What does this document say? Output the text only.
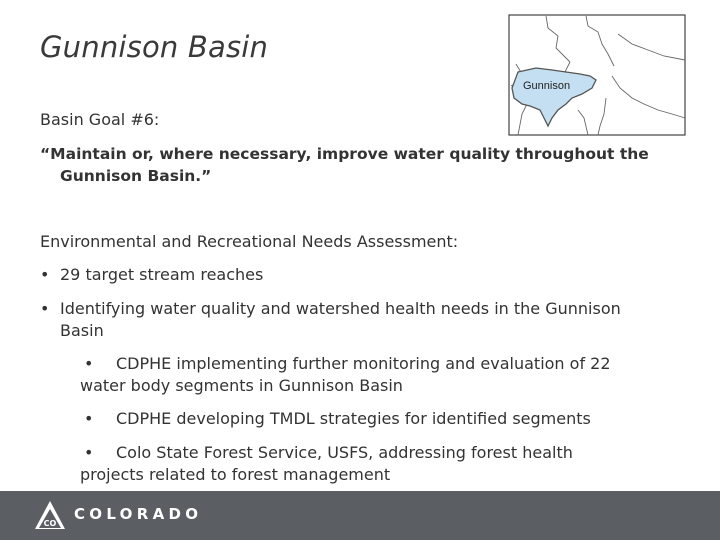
Gunnison Basin
Gunnison
Basin Goal #6:
“Maintain or, where necessary, improve water quality throughout the
Gunnison Basin.”
Environmental and Recreational Needs Assessment:
• 29 target stream reaches
• Identifying water quality and watershed health needs in the Gunnison
Basin
• CDPHE implementing further monitoring and evaluation of 22
water body segments in Gunnison Basin
• CDPHE developing TMDL strategies for identified segments
• Colo State Forest Service, USFS, addressing forest health
projects related to forest management
CO
COLORADO
